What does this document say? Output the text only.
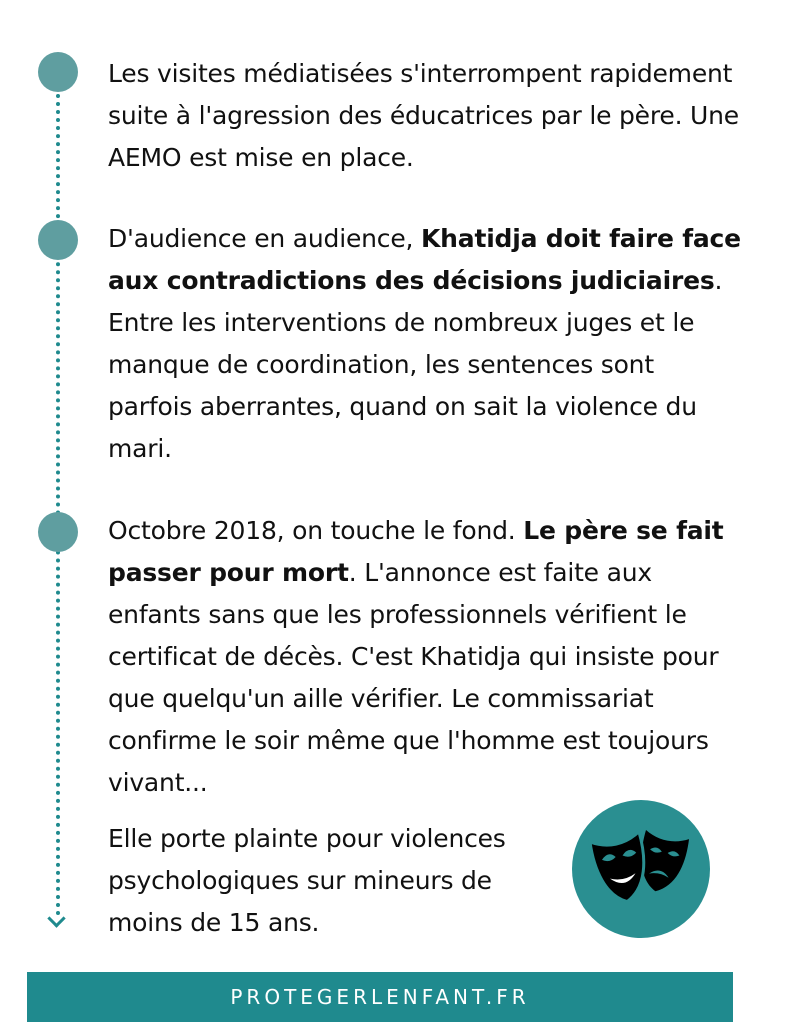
Les visites médiatisées s'interrompent rapidement suite à l'agression des éducatrices par le père. Une AEMO est mise en place.
D'audience en audience, Khatidja doit faire face aux contradictions des décisions judiciaires. Entre les interventions de nombreux juges et le manque de coordination, les sentences sont parfois aberrantes, quand on sait la violence du mari.
Octobre 2018, on touche le fond. Le père se fait passer pour mort. L'annonce est faite aux enfants sans que les professionnels vérifient le certificat de décès. C'est Khatidja qui insiste pour que quelqu'un aille vérifier. Le commissariat confirme le soir même que l'homme est toujours vivant...
Elle porte plainte pour violences psychologiques sur mineurs de moins de 15 ans.
PROTEGERLENFANT.FR
